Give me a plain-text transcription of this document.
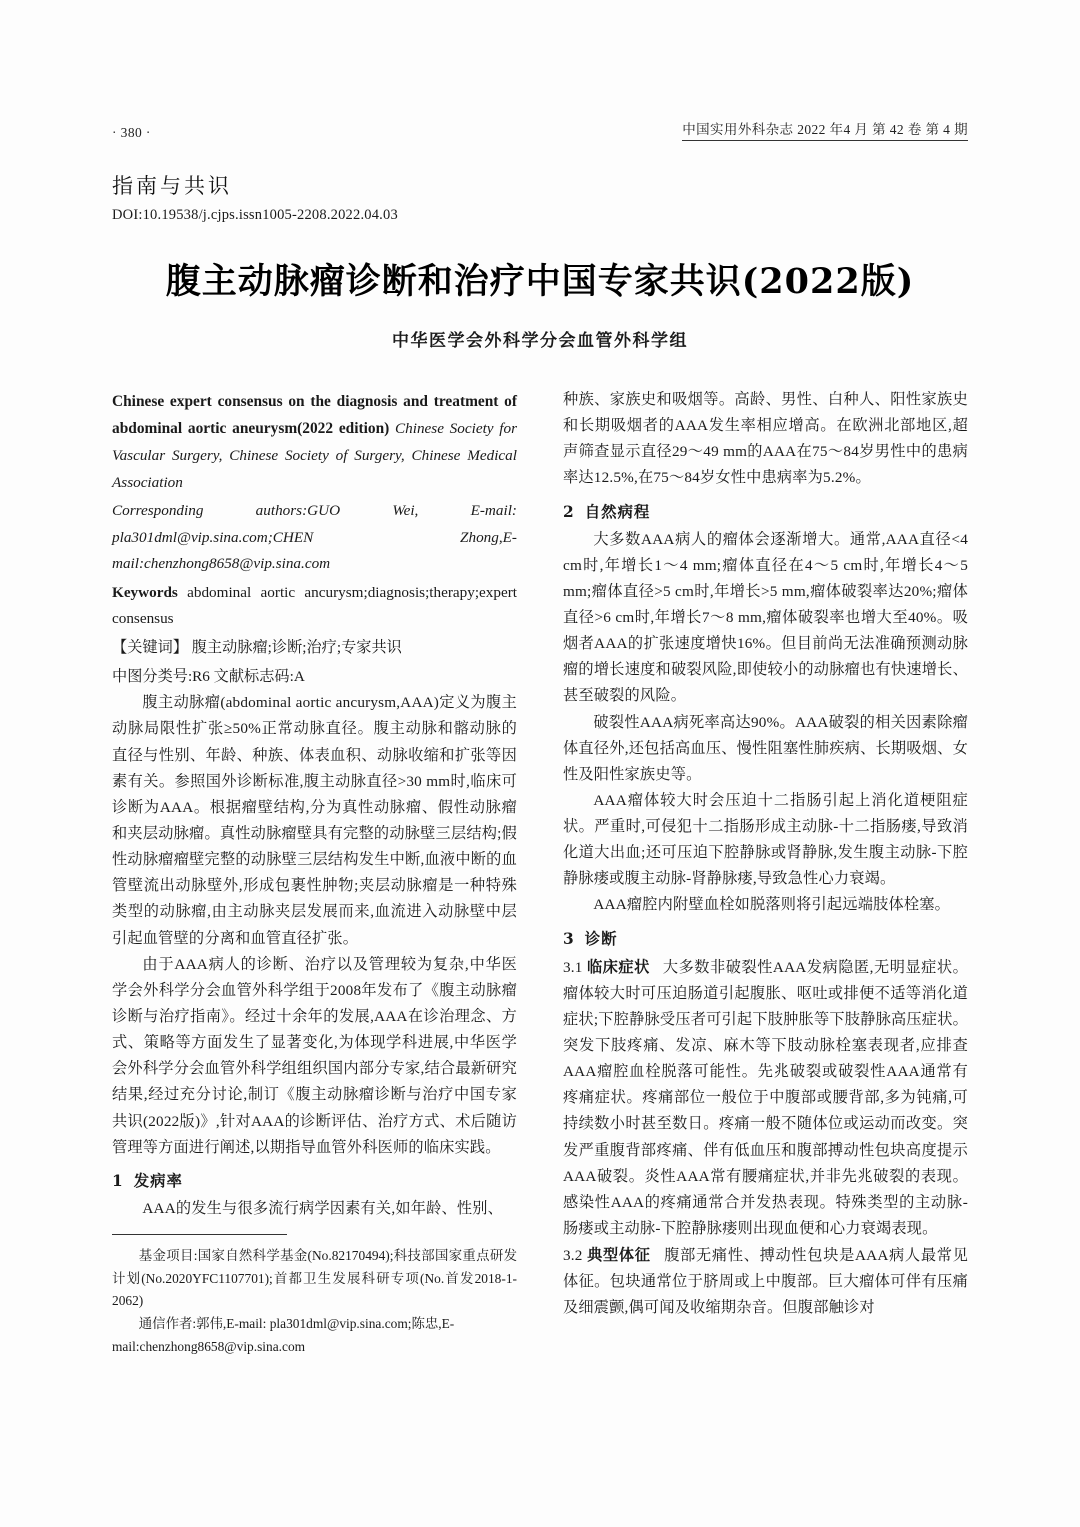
· 380 ·	中国实用外科杂志 2022 年4 月 第 42 卷 第 4 期
指南与共识
DOI:10.19538/j.cjps.issn1005-2208.2022.04.03
腹主动脉瘤诊断和治疗中国专家共识(2022版)
中华医学会外科学分会血管外科学组
Chinese expert consensus on the diagnosis and treatment of abdominal aortic aneurysm(2022 edition) Chinese Society for Vascular Surgery, Chinese Society of Surgery, Chinese Medical Association
Corresponding authors:GUO Wei, E-mail: pla301dml@vip.sina.com;CHEN Zhong,E-mail:chenzhong8658@vip.sina.com
Keywords abdominal aortic ancurysm;diagnosis;therapy;expert consensus
【关键词】 腹主动脉瘤;诊断;治疗;专家共识
中图分类号:R6 文献标志码:A

腹主动脉瘤(abdominal aortic ancurysm,AAA)定义为腹主动脉局限性扩张≥50%正常动脉直径。腹主动脉和髂动脉的直径与性别、年龄、种族、体表血积、动脉收缩和扩张等因素有关。参照国外诊断标准,腹主动脉直径>30 mm时,临床可诊断为AAA。根据瘤壁结构,分为真性动脉瘤、假性动脉瘤和夹层动脉瘤。真性动脉瘤壁具有完整的动脉壁三层结构;假性动脉瘤瘤壁完整的动脉壁三层结构发生中断,血液中断的血管壁流出动脉壁外,形成包裹性肿物;夹层动脉瘤是一种特殊类型的动脉瘤,由主动脉夹层发展而来,血流进入动脉壁中层引起血管壁的分离和血管直径扩张。

由于AAA病人的诊断、治疗以及管理较为复杂,中华医学会外科学分会血管外科学组于2008年发布了《腹主动脉瘤诊断与治疗指南》。经过十余年的发展,AAA在诊治理念、方式、策略等方面发生了显著变化,为体现学科进展,中华医学会外科学分会血管外科学组组织国内部分专家,结合最新研究结果,经过充分讨论,制订《腹主动脉瘤诊断与治疗中国专家共识(2022版)》,针对AAA的诊断评估、治疗方式、术后随访管理等方面进行阐述,以期指导血管外科医师的临床实践。

1 发病率

AAA的发生与很多流行病学因素有关,如年龄、性别、

基金项目:国家自然科学基金(No.82170494);科技部国家重点研发计划(No.2020YFC1107701);首都卫生发展科研专项(No.首发2018-1-2062)

通信作者:郭伟,E-mail: pla301dml@vip.sina.com;陈忠,E-

mail:chenzhong8658@vip.sina.com

种族、家族史和吸烟等。高龄、男性、白种人、阳性家族史和长期吸烟者的AAA发生率相应增高。在欧洲北部地区,超声筛查显示直径29～49 mm的AAA在75～84岁男性中的患病率达12.5%,在75～84岁女性中患病率为5.2%。

2 自然病程

大多数AAA病人的瘤体会逐渐增大。通常,AAA直径<4 cm时,年增长1～4 mm;瘤体直径在4～5 cm时,年增长4～5 mm;瘤体直径>5 cm时,年增长>5 mm,瘤体破裂率达20%;瘤体直径>6 cm时,年增长7～8 mm,瘤体破裂率也增大至40%。吸烟者AAA的扩张速度增快16%。但目前尚无法准确预测动脉瘤的增长速度和破裂风险,即使较小的动脉瘤也有快速增长、甚至破裂的风险。

破裂性AAA病死率高达90%。AAA破裂的相关因素除瘤体直径外,还包括高血压、慢性阻塞性肺疾病、长期吸烟、女性及阳性家族史等。

AAA瘤体较大时会压迫十二指肠引起上消化道梗阻症状。严重时,可侵犯十二指肠形成主动脉-十二指肠瘘,导致消化道大出血;还可压迫下腔静脉或肾静脉,发生腹主动脉-下腔静脉瘘或腹主动脉-肾静脉瘘,导致急性心力衰竭。

AAA瘤腔内附壁血栓如脱落则将引起远端肢体栓塞。

3 诊断

3.1 临床症状 大多数非破裂性AAA发病隐匿,无明显症状。瘤体较大时可压迫肠道引起腹胀、呕吐或排便不适等消化道症状;下腔静脉受压者可引起下肢肿胀等下肢静脉高压症状。突发下肢疼痛、发凉、麻木等下肢动脉栓塞表现者,应排查AAA瘤腔血栓脱落可能性。先兆破裂或破裂性AAA通常有疼痛症状。疼痛部位一般位于中腹部或腰背部,多为钝痛,可持续数小时甚至数日。疼痛一般不随体位或运动而改变。突发严重腹背部疼痛、伴有低血压和腹部搏动性包块高度提示AAA破裂。炎性AAA常有腰痛症状,并非先兆破裂的表现。感染性AAA的疼痛通常合并发热表现。特殊类型的主动脉-肠瘘或主动脉-下腔静脉瘘则出现血便和心力衰竭表现。

3.2 典型体征 腹部无痛性、搏动性包块是AAA病人最常见体征。包块通常位于脐周或上中腹部。巨大瘤体可伴有压痛及细震颤,偶可闻及收缩期杂音。但腹部触诊对
